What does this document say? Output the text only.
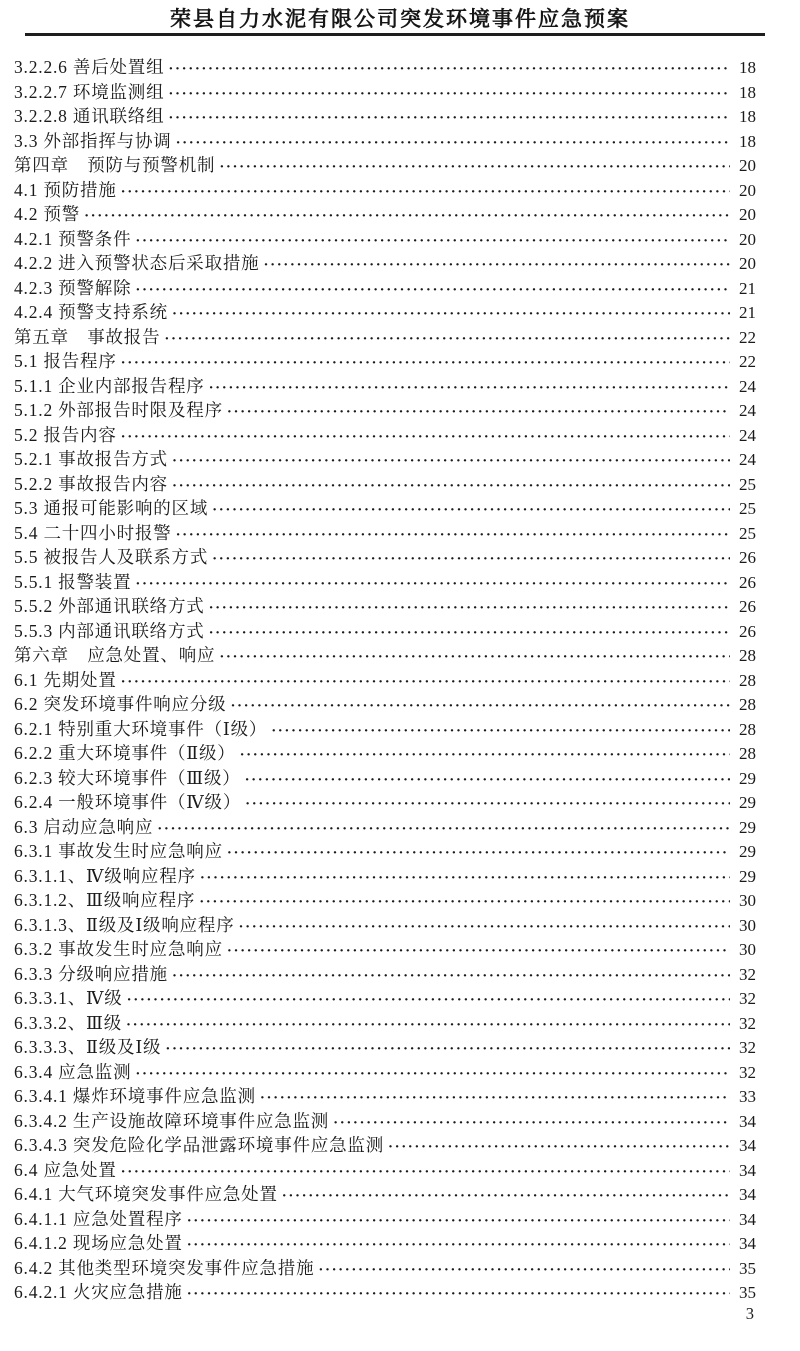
荣县自力水泥有限公司突发环境事件应急预案
3.2.2.6 善后处置组 ·····	18
3.2.2.7 环境监测组 ·····	18
3.2.2.8 通讯联络组 ·····	18
3.3 外部指挥与协调 ·····	18
第四章　预防与预警机制 ·····	20
4.1 预防措施 ·····	20
4.2 预警 ·····	20
4.2.1 预警条件 ·····	20
4.2.2 进入预警状态后采取措施 ·····	20
4.2.3 预警解除 ·····	21
4.2.4 预警支持系统 ·····	21
第五章　事故报告 ·····	22
5.1 报告程序 ·····	22
5.1.1 企业内部报告程序 ·····	24
5.1.2 外部报告时限及程序 ·····	24
5.2 报告内容 ·····	24
5.2.1 事故报告方式 ·····	24
5.2.2 事故报告内容 ·····	25
5.3 通报可能影响的区域 ·····	25
5.4 二十四小时报警 ·····	25
5.5 被报告人及联系方式 ·····	26
5.5.1 报警装置 ·····	26
5.5.2 外部通讯联络方式 ·····	26
5.5.3 内部通讯联络方式 ·····	26
第六章　应急处置、响应 ·····	28
6.1 先期处置 ·····	28
6.2 突发环境事件响应分级 ·····	28
6.2.1 特别重大环境事件（Ⅰ级） ·····	28
6.2.2 重大环境事件（Ⅱ级） ·····	28
6.2.3 较大环境事件（Ⅲ级） ·····	29
6.2.4 一般环境事件（Ⅳ级） ·····	29
6.3 启动应急响应 ·····	29
6.3.1 事故发生时应急响应 ·····	29
6.3.1.1、Ⅳ级响应程序 ·····	29
6.3.1.2、Ⅲ级响应程序 ·····	30
6.3.1.3、Ⅱ级及Ⅰ级响应程序 ·····	30
6.3.2 事故发生时应急响应 ·····	30
6.3.3 分级响应措施 ·····	32
6.3.3.1、Ⅳ级 ·····	32
6.3.3.2、Ⅲ级 ·····	32
6.3.3.3、Ⅱ级及Ⅰ级 ·····	32
6.3.4 应急监测 ·····	32
6.3.4.1 爆炸环境事件应急监测 ·····	33
6.3.4.2 生产设施故障环境事件应急监测 ·····	34
6.3.4.3 突发危险化学品泄露环境事件应急监测 ·····	34
6.4 应急处置 ·····	34
6.4.1 大气环境突发事件应急处置 ·····	34
6.4.1.1 应急处置程序 ·····	34
6.4.1.2 现场应急处置 ·····	34
6.4.2 其他类型环境突发事件应急措施 ·····	35
6.4.2.1 火灾应急措施 ·····	35
3
